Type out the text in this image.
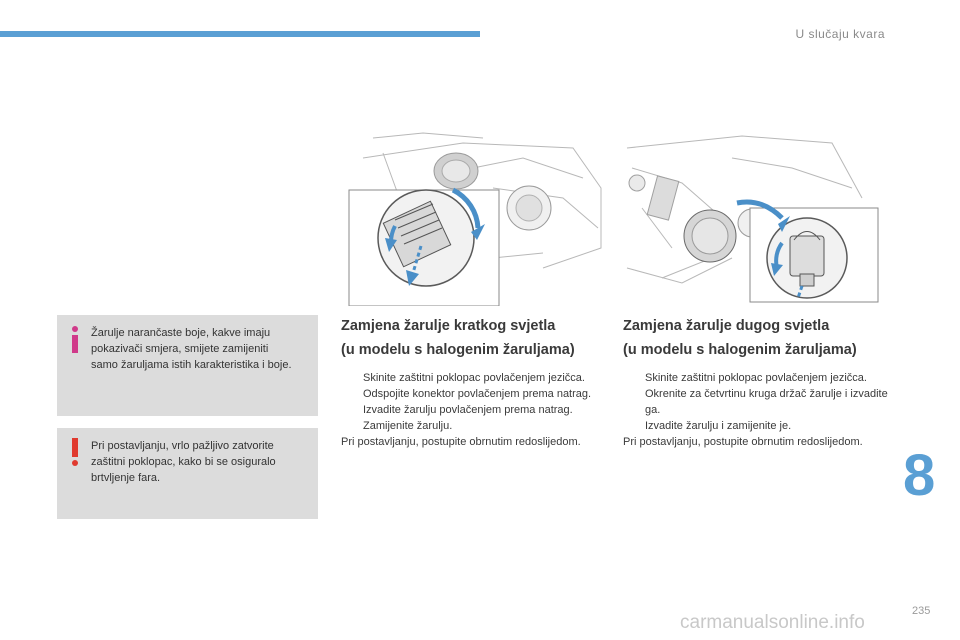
U slučaju kvara
Žarulje narančaste boje, kakve imaju pokazivači smjera, smijete zamijeniti samo žaruljama istih karakteristika i boje.
Pri postavljanju, vrlo pažljivo zatvorite zaštitni poklopac, kako bi se osiguralo brtvljenje fara.
Zamjena žarulje kratkog svjetla
(u modelu s halogenim žaruljama)
Skinite zaštitni poklopac povlačenjem jezičca.
Odspojite konektor povlačenjem prema natrag.
Izvadite žarulju povlačenjem prema natrag.
Zamijenite žarulju.

Pri postavljanju, postupite obrnutim redoslijedom.

Zamjena žarulje dugog svjetla
(u modelu s halogenim žaruljama)
Skinite zaštitni poklopac povlačenjem jezičca.
Okrenite za četvrtinu kruga držač žarulje i izvadite ga.
Izvadite žarulju i zamijenite je.

Pri postavljanju, postupite obrnutim redoslijedom.

8
235
carmanualsonline.info
